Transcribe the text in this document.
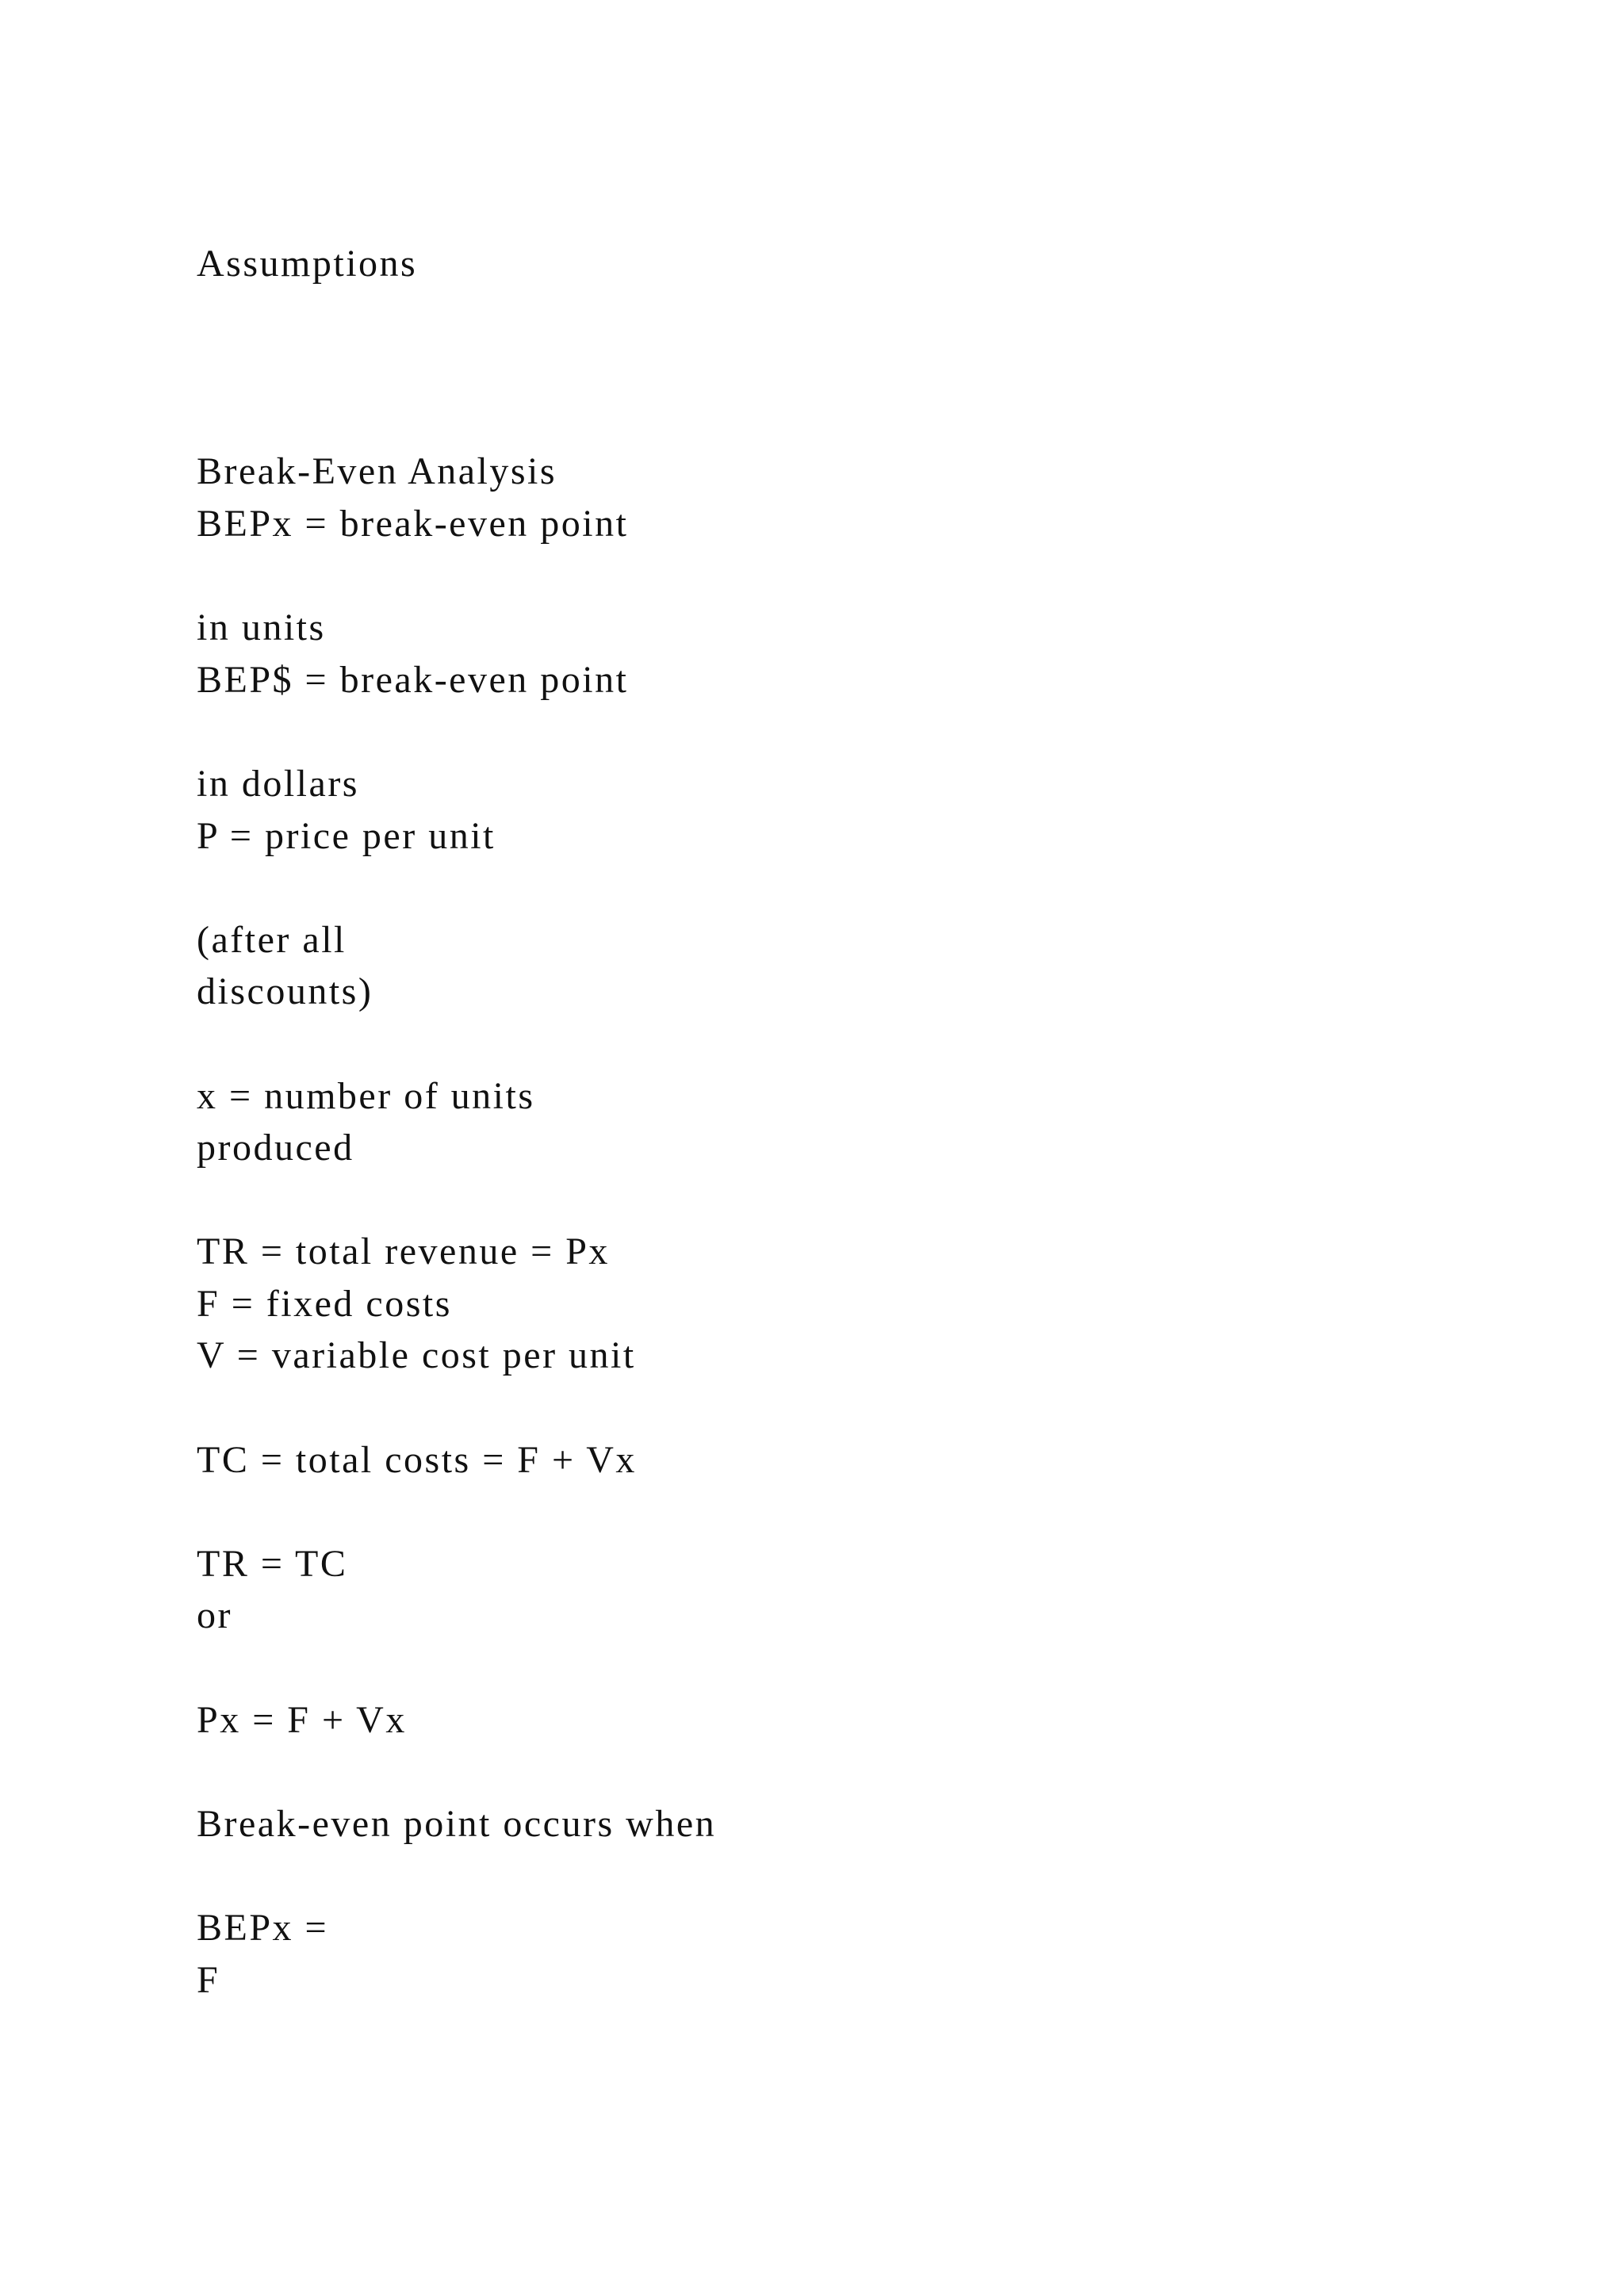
Assumptions
Break-Even Analysis
BEPx = break-even point
in units
BEP$ = break-even point
in dollars
P = price per unit
(after all
discounts)
x = number of units
produced
TR = total revenue = Px
F = fixed costs
V = variable cost per unit
TC = total costs = F + Vx
TR = TC
or
Px = F + Vx
Break-even point occurs when
BEPx =
F
